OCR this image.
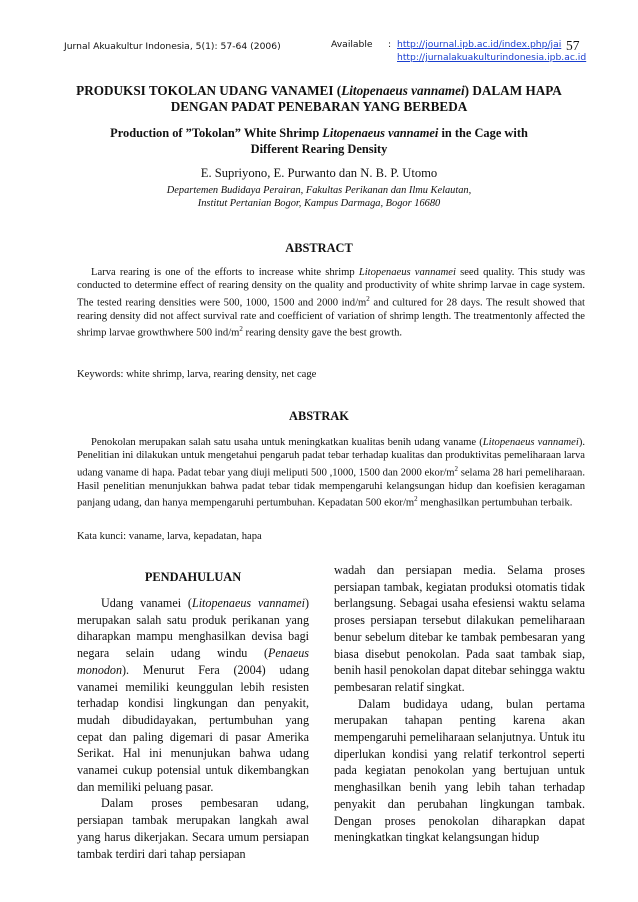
Jurnal Akuakultur Indonesia, 5(1): 57-64 (2006)	Available : http://journal.ipb.ac.id/index.php/jai
http://jurnalakuakulturindonesia.ipb.ac.id
57
PRODUKSI TOKOLAN UDANG VANAMEI (Litopenaeus vannamei) DALAM HAPA
DENGAN PADAT PENEBARAN YANG BERBEDA
Production of ”Tokolan” White Shrimp Litopenaeus vannamei in the Cage with
Different Rearing Density
E. Supriyono, E. Purwanto dan N. B. P. Utomo
Departemen Budidaya Perairan, Fakultas Perikanan dan Ilmu Kelautan,
Institut Pertanian Bogor, Kampus Darmaga, Bogor 16680
ABSTRACT
Larva rearing is one of the efforts to increase white shrimp Litopenaeus vannamei seed quality. This study was conducted to determine effect of rearing density on the quality and productivity of white shrimp larvae in cage system. The tested rearing densities were 500, 1000, 1500 and 2000 ind/$m^2$ and cultured for 28 days. The result showed that rearing density did not affect survival rate and coefficient of variation of shrimp length. The treatmentonly affected the shrimp larvae growthwhere 500 ind/$m^2$ rearing density gave the best growth.
Keywords: white shrimp, larva, rearing density, net cage
ABSTRAK
Penokolan merupakan salah satu usaha untuk meningkatkan kualitas benih udang vaname (Litopenaeus vannamei). Penelitian ini dilakukan untuk mengetahui pengaruh padat tebar terhadap kualitas dan produktivitas pemeliharaan larva udang vaname di hapa. Padat tebar yang diuji meliputi 500 ,1000, 1500 dan 2000 ekor/$m^2$ selama 28 hari pemeliharaan. Hasil penelitian menunjukkan bahwa padat tebar tidak mempengaruhi kelangsungan hidup dan koefisien keragaman panjang udang, dan hanya mempengaruhi pertumbuhan. Kepadatan 500 ekor/$m^2$ menghasilkan pertumbuhan terbaik.
Kata kunci: vaname, larva, kepadatan, hapa
PENDAHULUAN

Udang vanamei (Litopenaeus vannamei) merupakan salah satu produk perikanan yang diharapkan mampu menghasilkan devisa bagi negara selain udang windu (Penaeus monodon). Menurut Fera (2004) udang vanamei memiliki keunggulan lebih resisten terhadap kondisi lingkungan dan penyakit, mudah dibudidayakan, pertumbuhan yang cepat dan paling digemari di pasar Amerika Serikat. Hal ini menunjukan bahwa udang vanamei cukup potensial untuk dikembangkan dan memiliki peluang pasar.

Dalam proses pembesaran udang, persiapan tambak merupakan langkah awal yang harus dikerjakan. Secara umum persiapan tambak terdiri dari tahap persiapan

wadah dan persiapan media. Selama proses persiapan tambak, kegiatan produksi otomatis tidak berlangsung. Sebagai usaha efesiensi waktu selama proses persiapan tersebut dilakukan pemeliharaan benur sebelum ditebar ke tambak pembesaran yang biasa disebut penokolan. Pada saat tambak siap, benih hasil penokolan dapat ditebar sehingga waktu pembesaran relatif singkat.

Dalam budidaya udang, bulan pertama merupakan tahapan penting karena akan mempengaruhi pemeliharaan selanjutnya. Untuk itu diperlukan kondisi yang relatif terkontrol seperti pada kegiatan penokolan yang bertujuan untuk menghasilkan benih yang lebih tahan terhadap penyakit dan perubahan lingkungan tambak. Dengan proses penokolan diharapkan dapat meningkatkan tingkat kelangsungan hidup
